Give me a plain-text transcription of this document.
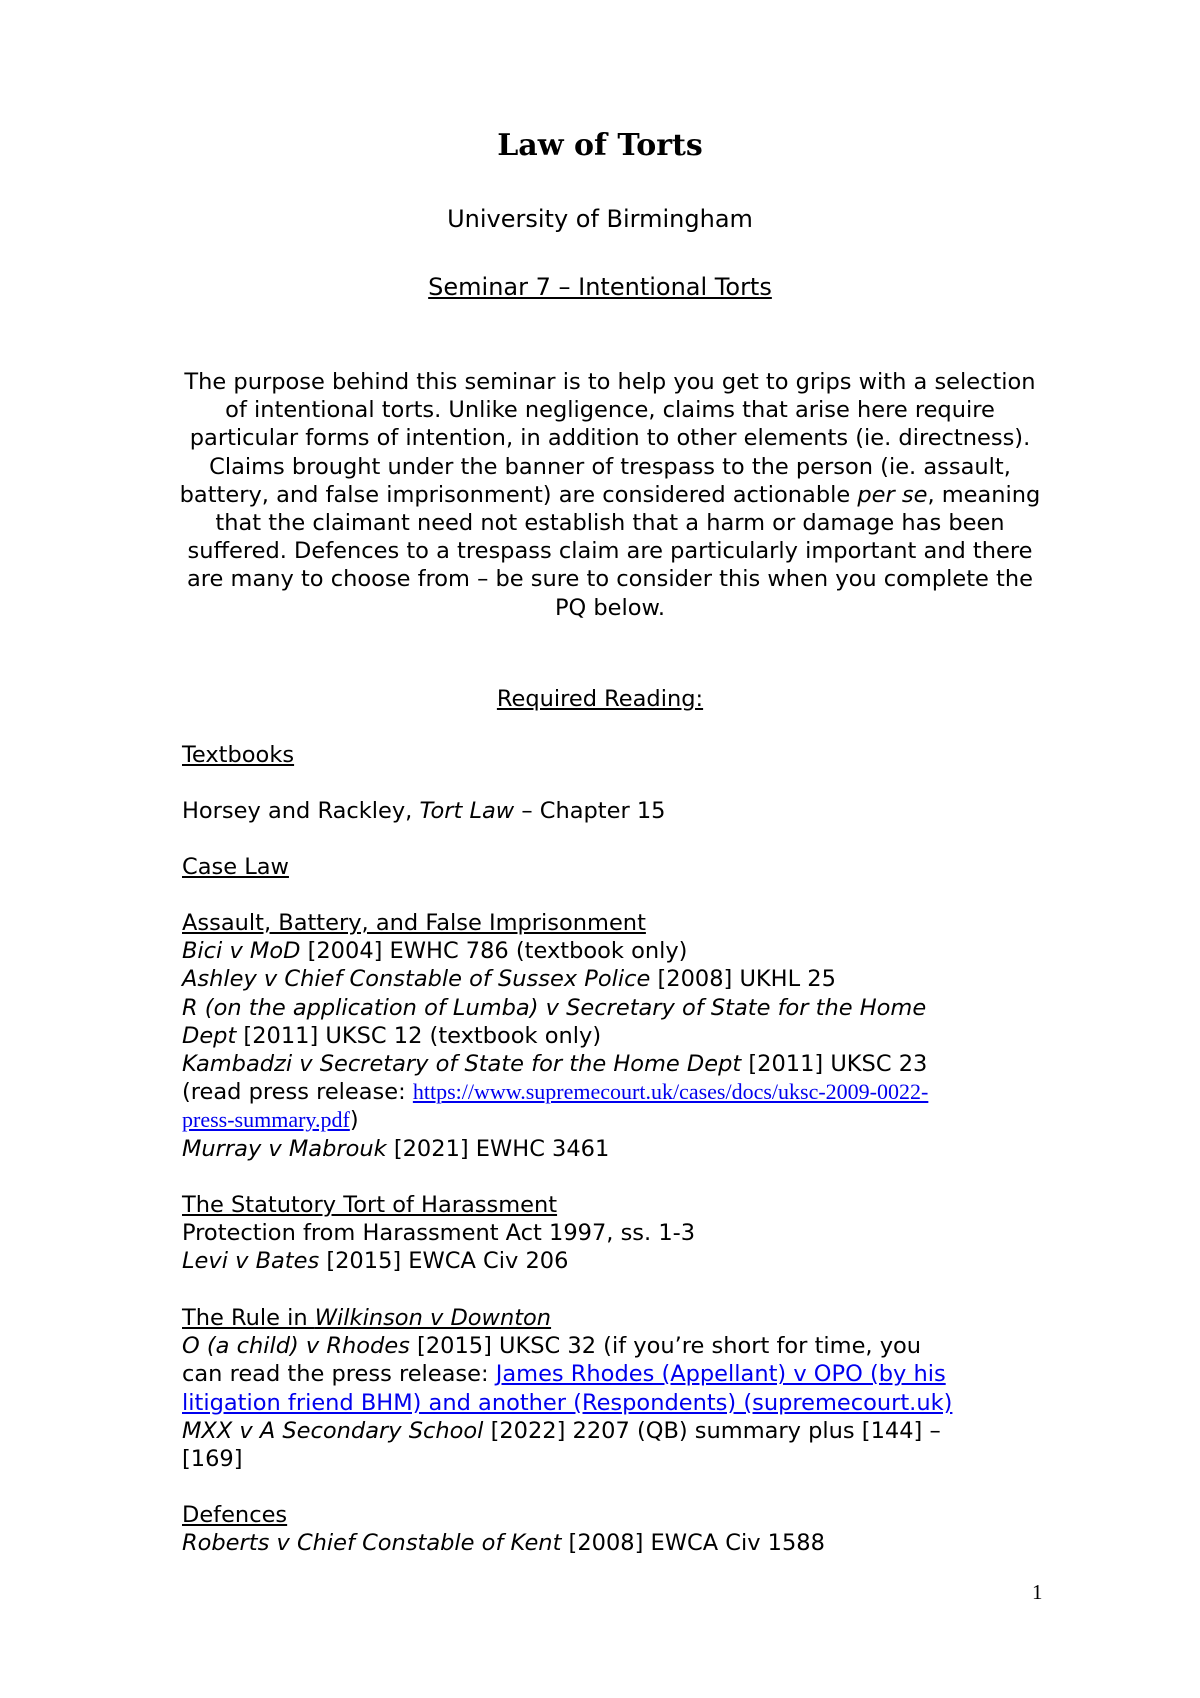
Law of Torts
University of Birmingham
Seminar 7 – Intentional Torts
The purpose behind this seminar is to help you get to grips with a selection of intentional torts. Unlike negligence, claims that arise here require particular forms of intention, in addition to other elements (ie. directness). Claims brought under the banner of trespass to the person (ie. assault, battery, and false imprisonment) are considered actionable per se, meaning that the claimant need not establish that a harm or damage has been suffered. Defences to a trespass claim are particularly important and there are many to choose from – be sure to consider this when you complete the PQ below.
Required Reading:
Textbooks
Horsey and Rackley, Tort Law – Chapter 15
Case Law
Assault, Battery, and False Imprisonment
Bici v MoD [2004] EWHC 786 (textbook only)
Ashley v Chief Constable of Sussex Police [2008] UKHL 25
R (on the application of Lumba) v Secretary of State for the Home
Dept [2011] UKSC 12 (textbook only)
Kambadzi v Secretary of State for the Home Dept [2011] UKSC 23
(read press release: https://www.supremecourt.uk/cases/docs/uksc-2009-0022-
press-summary.pdf)
Murray v Mabrouk [2021] EWHC 3461
The Statutory Tort of Harassment
Protection from Harassment Act 1997, ss. 1-3
Levi v Bates [2015] EWCA Civ 206
The Rule in Wilkinson v Downton
O (a child) v Rhodes [2015] UKSC 32 (if you’re short for time, you
can read the press release: James Rhodes (Appellant) v OPO (by his
litigation friend BHM) and another (Respondents) (supremecourt.uk)
MXX v A Secondary School [2022] 2207 (QB) summary plus [144] –
[169]
Defences
Roberts v Chief Constable of Kent [2008] EWCA Civ 1588
1
